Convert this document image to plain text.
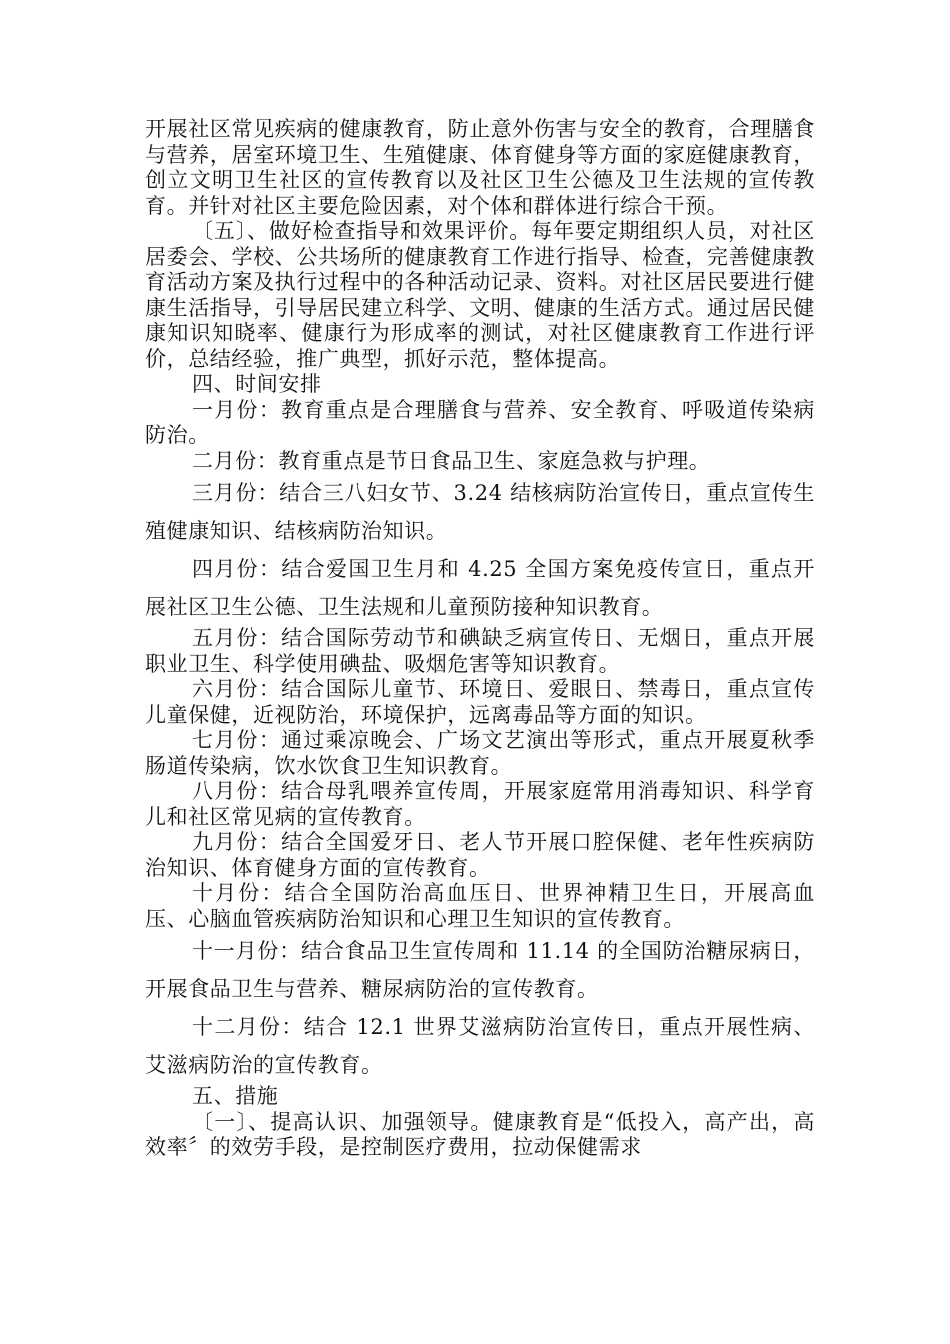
开展社区常见疾病的健康教育，防止意外伤害与安全的教育，合理膳食与营养，居室环境卫生、生殖健康、体育健身等方面的家庭健康教育，创立文明卫生社区的宣传教育以及社区卫生公德及卫生法规的宣传教育。并针对社区主要危险因素，对个体和群体进行综合干预。

〔五〕、做好检查指导和效果评价。每年要定期组织人员，对社区居委会、学校、公共场所的健康教育工作进行指导、检查，完善健康教育活动方案及执行过程中的各种活动记录、资料。对社区居民要进行健康生活指导，引导居民建立科学、文明、健康的生活方式。通过居民健康知识知晓率、健康行为形成率的测试，对社区健康教育工作进行评价，总结经验，推广典型，抓好示范，整体提高。

四、时间安排

一月份：教育重点是合理膳食与营养、安全教育、呼吸道传染病防治。

二月份：教育重点是节日食品卫生、家庭急救与护理。

三月份：结合三八妇女节、3.24 结核病防治宣传日，重点宣传生殖健康知识、结核病防治知识。

四月份：结合爱国卫生月和 4.25 全国方案免疫传宣日，重点开展社区卫生公德、卫生法规和儿童预防接种知识教育。

五月份：结合国际劳动节和碘缺乏病宣传日、无烟日，重点开展职业卫生、科学使用碘盐、吸烟危害等知识教育。

六月份：结合国际儿童节、环境日、爱眼日、禁毒日，重点宣传儿童保健，近视防治，环境保护，远离毒品等方面的知识。

七月份：通过乘凉晚会、广场文艺演出等形式，重点开展夏秋季肠道传染病，饮水饮食卫生知识教育。

八月份：结合母乳喂养宣传周，开展家庭常用消毒知识、科学育儿和社区常见病的宣传教育。

九月份：结合全国爱牙日、老人节开展口腔保健、老年性疾病防治知识、体育健身方面的宣传教育。

十月份：结合全国防治高血压日、世界神精卫生日，开展高血压、心脑血管疾病防治知识和心理卫生知识的宣传教育。

十一月份：结合食品卫生宣传周和 11.14 的全国防治糖尿病日，开展食品卫生与营养、糖尿病防治的宣传教育。

十二月份：结合 12.1 世界艾滋病防治宣传日，重点开展性病、艾滋病防治的宣传教育。

五、措施

〔一〕、提高认识、加强领导。健康教育是“低投入，高产出，高效率〞的效劳手段，是控制医疗费用，拉动保健需求
